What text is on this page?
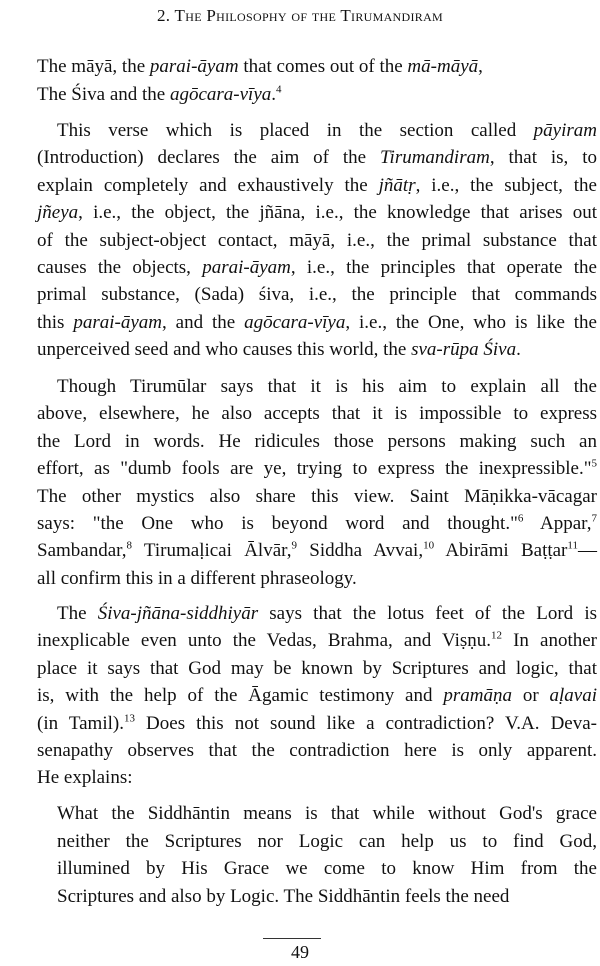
2. The Philosophy of the Tirumandiram
The māyā, the parai-āyam that comes out of the mā-māyā,
The Śiva and the agōcara-vīya.$^4$
This verse which is placed in the section called pāyiram
(Introduction) declares the aim of the Tirumandiram, that is, to
explain completely and exhaustively the jñātṛ, i.e., the subject, the
jñeya, i.e., the object, the jñāna, i.e., the knowledge that arises out
of the subject-object contact, māyā, i.e., the primal substance that
causes the objects, parai-āyam, i.e., the principles that operate the
primal substance, (Sada) śiva, i.e., the principle that commands
this parai-āyam, and the agōcara-vīya, i.e., the One, who is like the
unperceived seed and who causes this world, the sva-rūpa Śiva.
Though Tirumūlar says that it is his aim to explain all the
above, elsewhere, he also accepts that it is impossible to express
the Lord in words. He ridicules those persons making such an
effort, as "dumb fools are ye, trying to express the inexpressible."$^5$
The other mystics also share this view. Saint Māṇikka-vācagar
says: "the One who is beyond word and thought."$^6$ Appar,$^7$
Sambandar,$^8$ Tirumaḷicai Ālvār,$^9$ Siddha Avvai,$^{10}$ Abirāmi Baṭṭar$^{11}$—
all confirm this in a different phraseology.
The Śiva-jñāna-siddhiyār says that the lotus feet of the Lord is
inexplicable even unto the Vedas, Brahma, and Viṣṇu.$^{12}$ In another
place it says that God may be known by Scriptures and logic, that
is, with the help of the Āgamic testimony and pramāṇa or aḷavai
(in Tamil).$^{13}$ Does this not sound like a contradiction? V.A. Deva-
senapathy observes that the contradiction here is only apparent.
He explains:
What the Siddhāntin means is that while without God's grace
neither the Scriptures nor Logic can help us to find God,
illumined by His Grace we come to know Him from the
Scriptures and also by Logic. The Siddhāntin feels the need
49
